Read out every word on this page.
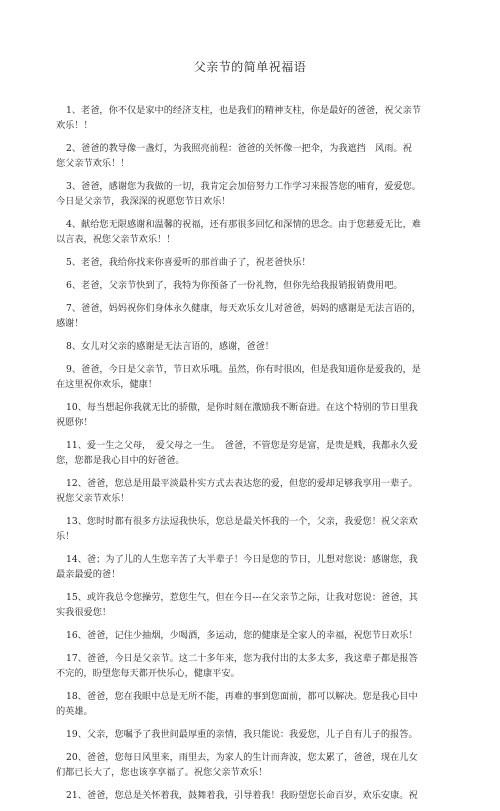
父亲节的简单祝福语
1、老爸，你不仅是家中的经济支柱，也是我们的精神支柱，你是最好的爸爸，祝父亲节
欢乐！！
2、爸爸的教导像一盏灯，为我照亮前程：爸爸的关怀像一把伞，为我遮挡　风雨。祝
您父亲节欢乐！！
3、爸爸，感谢您为我做的一切，我肯定会加倍努力工作学习来报答您的哺育，爱爱您。
今日是父亲节，我深深的祝愿您节日欢乐！
4、献给您无限感谢和温馨的祝福，还有那很多回忆和深情的思念。由于您慈爱无比，难
以言表，祝您父亲节欢乐！！
5、老爸，我给你找来你喜爱听的那首曲子了，祝老爸快乐！
6、老爸，父亲节快到了，我特为你预备了一份礼物，但你先给我报销报销费用吧。
7、爸爸，妈妈祝你们身体永久健康，每天欢乐女儿对爸爸，妈妈的感谢是无法言语的，
感谢！
8、女儿对父亲的感谢是无法言语的，感谢，爸爸！
9、爸爸，今日是父亲节，节日欢乐哦。虽然，你有时很凶，但是我知道你是爱我的，是
在这里祝你欢乐，健康！
10、每当想起你我就无比的骄傲，是你时刻在激励我不断奋进。在这个特别的节日里我
祝愿你！
11、爱一生之父母，　爱父母之一生。　爸爸，不管您是穷是富，是贵是贱，我都永久爱
您，您都是我心目中的好爸爸。
12、爸爸，您总是用最平淡最朴实方式去表达您的爱，但您的爱却足够我享用一辈子。
祝您父亲节欢乐！
13、您时时都有很多方法逗我快乐，您总是最关怀我的一个，父亲，我爱您！祝父亲欢
乐！
14、爸；为了儿的人生您辛苦了大半辈子！今日是您的节日，儿想对您说：感谢您，我
最亲最爱的爸！
15、或许我总令您操劳，惹您生气，但在今日---在父亲节之际，让我对您说：爸爸，其
实我很爱您！
16、爸爸，记住少抽烟，少喝酒，多运动，您的健康是全家人的幸福，祝您节日欢乐！
17、爸爸，今日是父亲节。这二十多年来，您为我付出的太多太多，我这辈子都是报答
不完的，盼望您每天都开快乐心，健康平安。
18、爸爸，您在我眼中总是无所不能，再难的事到您面前，都可以解决。您是我心目中
的英雄。
19、父亲，您嘱予了我世间最厚重的亲情，我只能说：我爱您，儿子自有儿子的报答。
20、爸爸，您每日风里来，雨里去，为家人的生计而奔波，您太累了，爸爸，现在儿女
们都已长大了，您也该享享福了。祝您父亲节欢乐！
21、爸爸，您总是关怀着我，鼓舞着我，引导着我！我盼望您长命百岁，欢乐安康。祝
